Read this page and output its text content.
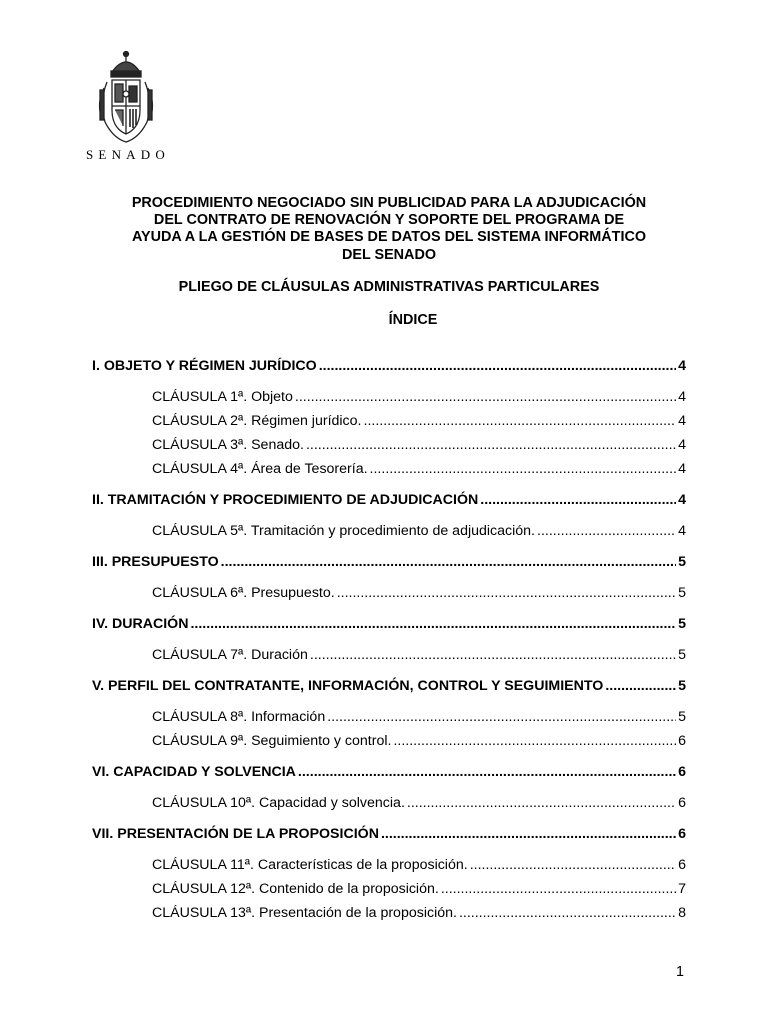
SENADO
PROCEDIMIENTO NEGOCIADO SIN PUBLICIDAD PARA LA ADJUDICACIÓN
DEL CONTRATO DE RENOVACIÓN Y SOPORTE DEL PROGRAMA DE
AYUDA A LA GESTIÓN DE BASES DE DATOS DEL SISTEMA INFORMÁTICO
DEL SENADO
PLIEGO DE CLÁUSULAS ADMINISTRATIVAS PARTICULARES
ÍNDICE
I. OBJETO Y RÉGIMEN JURÍDICO .....	4
CLÁUSULA 1ª. Objeto .....	4
CLÁUSULA 2ª. Régimen jurídico. .....	4
CLÁUSULA 3ª. Senado. .....	4
CLÁUSULA 4ª. Área de Tesorería. .....	4
II. TRAMITACIÓN Y PROCEDIMIENTO DE ADJUDICACIÓN .....	4
CLÁUSULA 5ª. Tramitación y procedimiento de adjudicación. .....	4
III. PRESUPUESTO .....	5
CLÁUSULA 6ª. Presupuesto. .....	5
IV. DURACIÓN .....	5
CLÁUSULA 7ª. Duración .....	5
V. PERFIL DEL CONTRATANTE, INFORMACIÓN, CONTROL Y SEGUIMIENTO .....	5
CLÁUSULA 8ª. Información .....	5
CLÁUSULA 9ª. Seguimiento y control. .....	6
VI. CAPACIDAD Y SOLVENCIA .....	6
CLÁUSULA 10ª. Capacidad y solvencia. .....	6
VII. PRESENTACIÓN DE LA PROPOSICIÓN .....	6
CLÁUSULA 11ª. Características de la proposición. .....	6
CLÁUSULA 12ª. Contenido de la proposición. .....	7
CLÁUSULA 13ª. Presentación de la proposición. .....	8
1
